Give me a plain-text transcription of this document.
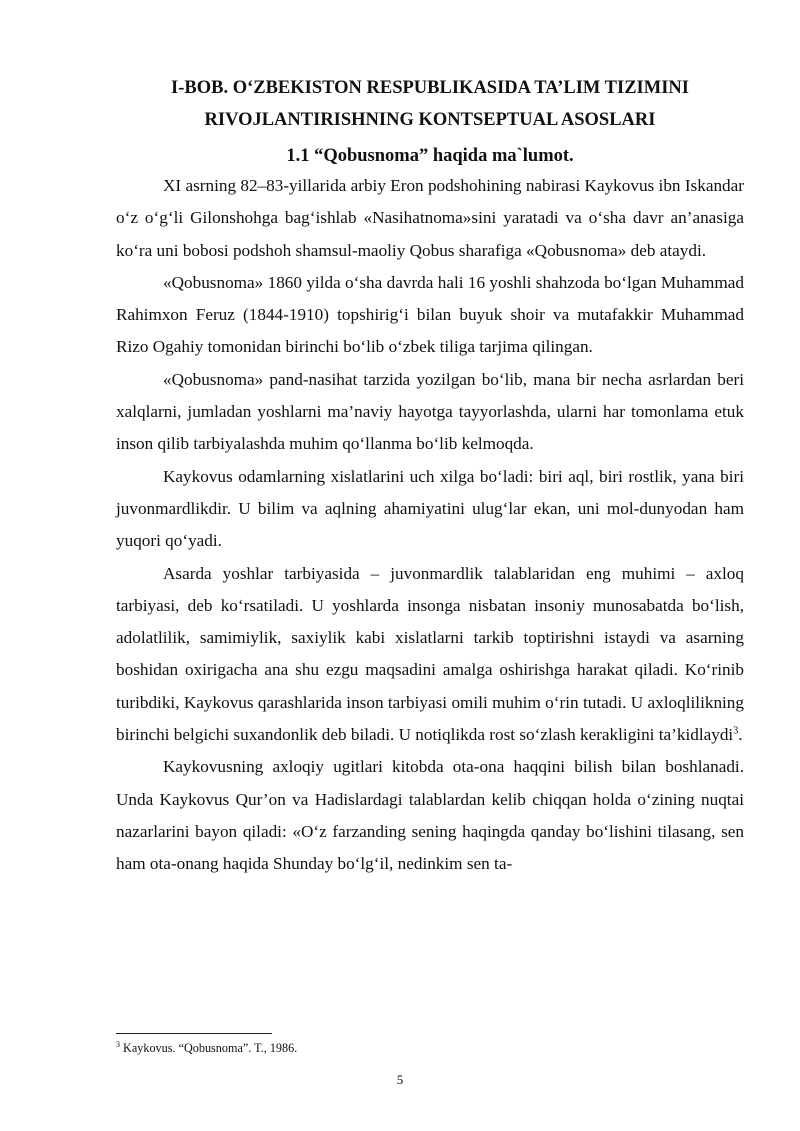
I-BOB. O‘ZBEKISTON RESPUBLIKASIDA TA’LIM TIZIMINI
RIVOJLANTIRISHNING KONTSEPTUAL ASOSLARI
1.1 “Qobusnoma” haqida ma`lumot.

XI asrning 82–83-yillarida arbiy Eron podshohining nabirasi Kaykovus ibn Iskandar o‘z o‘g‘li Gilonshohga bag‘ishlab «Nasihatnoma»sini yaratadi va o‘sha davr an’anasiga ko‘ra uni bobosi podshoh shamsul-maoliy Qobus sharafiga «Qobusnoma» deb ataydi.

«Qobusnoma» 1860 yilda o‘sha davrda hali 16 yoshli shahzoda bo‘lgan Muhammad Rahimxon Feruz (1844-1910) topshirig‘i bilan buyuk shoir va mutafakkir Muhammad Rizo Ogahiy tomonidan birinchi bo‘lib o‘zbek tiliga tarjima qilingan.

«Qobusnoma» pand-nasihat tarzida yozilgan bo‘lib, mana bir necha asrlardan beri xalqlarni, jumladan yoshlarni ma’naviy hayotga tayyorlashda, ularni har tomonlama etuk inson qilib tarbiyalashda muhim qo‘llanma bo‘lib kelmoqda.

Kaykovus odamlarning xislatlarini uch xilga bo‘ladi: biri aql, biri rostlik, yana biri juvonmardlikdir. U bilim va aqlning ahamiyatini ulug‘lar ekan, uni mol-dunyodan ham yuqori qo‘yadi.

Asarda yoshlar tarbiyasida – juvonmardlik talablaridan eng muhimi – axloq tarbiyasi, deb ko‘rsatiladi. U yoshlarda insonga nisbatan insoniy munosabatda bo‘lish, adolatlilik, samimiylik, saxiylik kabi xislatlarni tarkib toptirishni istaydi va asarning boshidan oxirigacha ana shu ezgu maqsadini amalga oshirishga harakat qiladi. Ko‘rinib turibdiki, Kaykovus qarashlarida inson tarbiyasi omili muhim o‘rin tutadi. U axloqlilikning birinchi belgichi suxandonlik deb biladi. U notiqlikda rost so‘zlash kerakligini ta’kidlaydi$^3$.

Kaykovusning axloqiy ugitlari kitobda ota-ona haqqini bilish bilan boshlanadi. Unda Kaykovus Qur’on va Hadislardagi talablardan kelib chiqqan holda o‘zining nuqtai nazarlarini bayon qiladi: «O‘z farzanding sening haqingda qanday bo‘lishini tilasang, sen ham ota-onang haqida Shunday bo‘lg‘il, nedinkim sen ta-

$^3$ Kaykovus. “Qobusnoma”. T., 1986.

5
